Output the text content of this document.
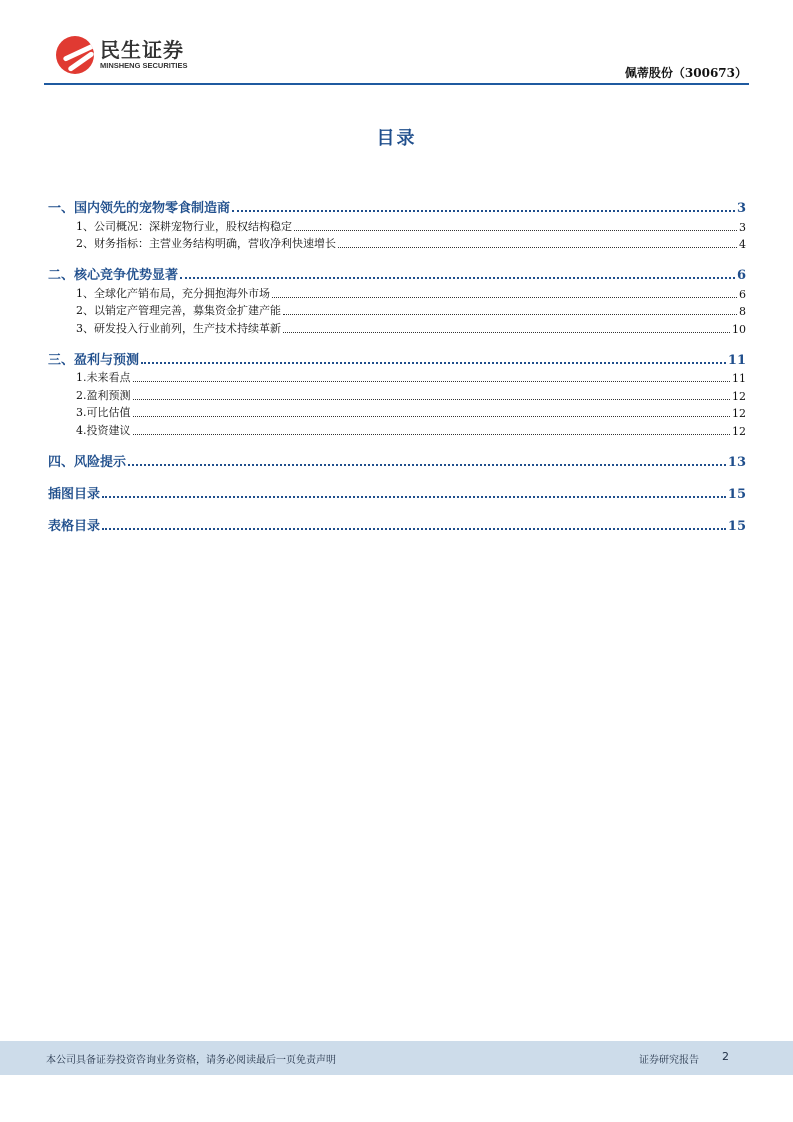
民生证券
MINSHENG SECURITIES
佩蒂股份（300673）
目录
一、国内领先的宠物零食制造商	3
1、公司概况：深耕宠物行业，股权结构稳定	3
2、财务指标：主营业务结构明确，营收净利快速增长	4
二、核心竞争优势显著	6
1、全球化产销布局，充分拥抱海外市场	6
2、以销定产管理完善，募集资金扩建产能	8
3、研发投入行业前列，生产技术持续革新	10
三、盈利与预测	11
1.未来看点	11
2.盈利预测	12
3.可比估值	12
4.投资建议	12
四、风险提示	13
插图目录	15
表格目录	15
本公司具备证券投资咨询业务资格，请务必阅读最后一页免责声明	证券研究报告 2
